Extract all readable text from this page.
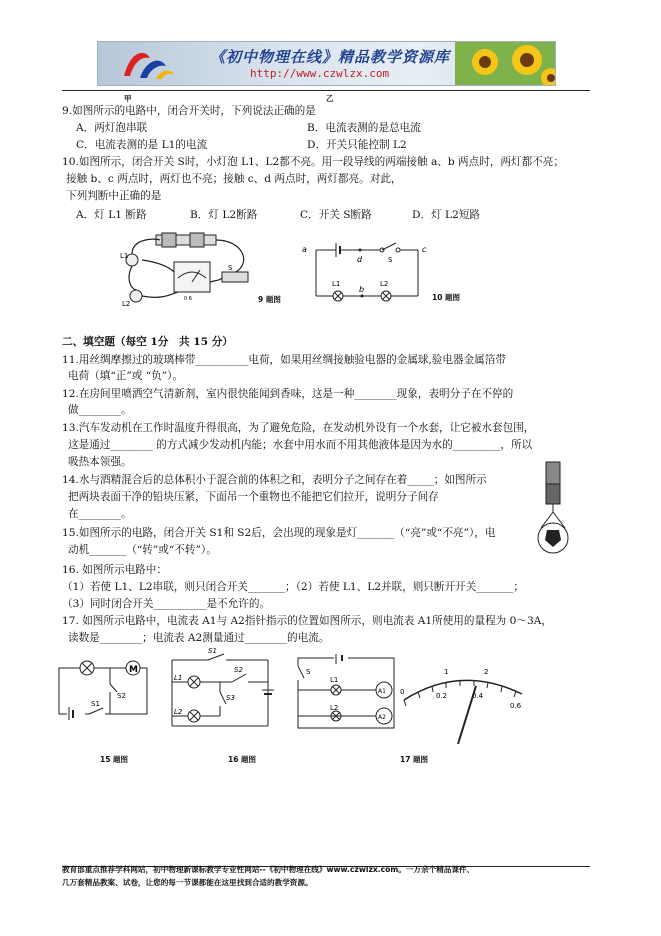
《初中物理在线》精品教学资源库
http://www.czwlzx.com
甲	乙
9.如图所示的电路中，闭合开关时，下列说法正确的是
A．两灯泡串联	B．电流表测的是总电流
C．电流表测的是 L1的电流	D．开关只能控制 L2
10.如图所示，闭合开关 S时，小灯泡 L1、L2都不亮。用一段导线的两端接触 a、b 两点时，两灯都不亮；
接触 b、c 两点时，两灯也不亮；接触 c、d 两点时，两灯都亮。对此，
下列判断中正确的是
A．灯 L1 断路	B．灯 L2断路	C．开关 S断路	D．灯 L2短路
L1
L2
S
0 6	9 题图
a
d
c
S
b
L1	L2
10 题图
二、填空题（每空 1分　共 15 分）
11.用丝绸摩擦过的玻璃棒带__________电荷，如果用丝绸接触验电器的金属球,验电器金属箔带
电荷（填“正”或 “负”）。
12.在房间里喷洒空气清新剂，室内很快能闻到香味，这是一种________现象，表明分子在不停的
做________。
13.汽车发动机在工作时温度升得很高，为了避免危险，在发动机外设有一个水套，让它被水套包围，
这是通过________ 的方式减少发动机内能；水套中用水而不用其他液体是因为水的_________，所以
吸热本领强。
14.水与酒精混合后的总体积小于混合前的体积之和，表明分子之间存在着_____；如图所示
把两块表面干净的铅块压紧，下面吊一个重物也不能把它们拉开，说明分子间存
在________。
15.如图所示的电路，闭合开关 S1和 S2后，会出现的现象是灯_______（“亮”或“不亮”），电
动机_______（“转”或“不转”）。
16. 如图所示电路中：
（1）若使 L1、L2串联，则只闭合开关_______；（2）若使 L1、L2并联，则只断开开关_______；
（3）同时闭合开关__________是不允许的。
17. 如图所示电路中，电流表 A1与 A2指针指示的位置如图所示，则电流表 A1所使用的量程为 0～3A，
读数是________；电流表 A2测量通过________的电流。
M
S1
S2
15 题图
S1
S2
S3
L1
L2
16 题图
S
L1
L2
A1
A2
0
1	2
0.2	0.4
0.6
17 题图
教育部重点推荐学科网站，初中物理新课标教学专业性网站--《初中物理在线》www.czwlzx.com。一万余个精品课件、
几万套精品教案、试卷，让您的每一节课都能在这里找到合适的教学资源。
